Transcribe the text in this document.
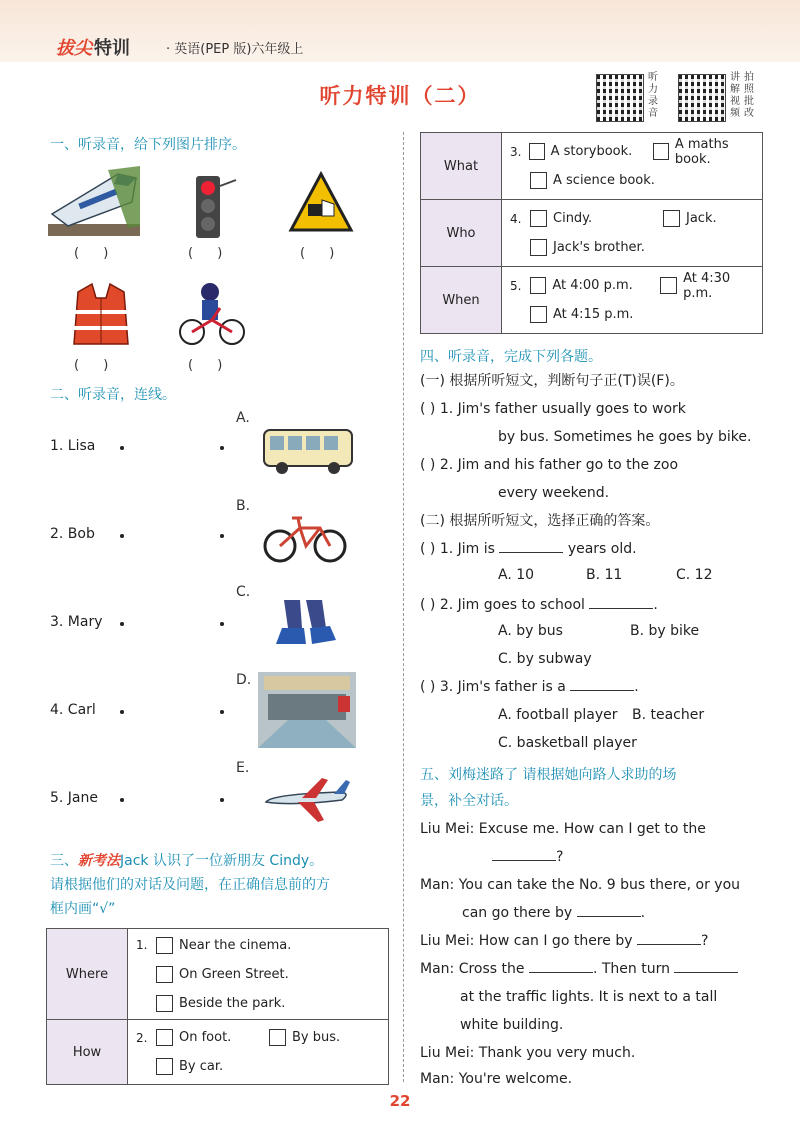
拔尖 特训	· 英语(PEP 版)六年级上
听力特训（二）
听力录音
讲解视频
拍照批改
一、听录音，给下列图片排序。
( )	( )	( )
( )	( )
二、听录音，连线。
A.
1. Lisa
B.
2. Bob
C.
3. Mary
D.
4. Carl
E.
5. Jane
三、新考法Jack 认识了一位新朋友 Cindy。
请根据他们的对话及问题，在正确信息前的方
框内画“√”
Where	1. Near the cinema.
On Green Street.
Beside the park.

How	2. On foot. By bus.
By car.
What	3. A storybook. A maths book.
A science book.

Who	4. Cindy. Jack.
Jack's brother.

When	5. At 4:00 p.m. At 4:30 p.m.
At 4:15 p.m.
四、听录音，完成下列各题。
(一) 根据所听短文，判断句子正(T)误(F)。
( ) 1. Jim's father usually goes to work
by bus. Sometimes he goes by bike.
( ) 2. Jim and his father go to the zoo
every weekend.
(二) 根据所听短文，选择正确的答案。
( ) 1. Jim is	years old.
A. 10	B. 11	C. 12
( ) 2. Jim goes to school	.
A. by bus	B. by bike
C. by subway
( ) 3. Jim's father is a	.
A. football player B. teacher
C. basketball player
五、刘梅迷路了 请根据她向路人求助的场
景，补全对话。
Liu Mei: Excuse me. How can I get to the
?
Man: You can take the No. 9 bus there, or you
can go there by	.
Liu Mei: How can I go there by	?
Man: Cross the	. Then turn
at the traffic lights. It is next to a tall
white building.
Liu Mei: Thank you very much.
Man: You're welcome.
22
